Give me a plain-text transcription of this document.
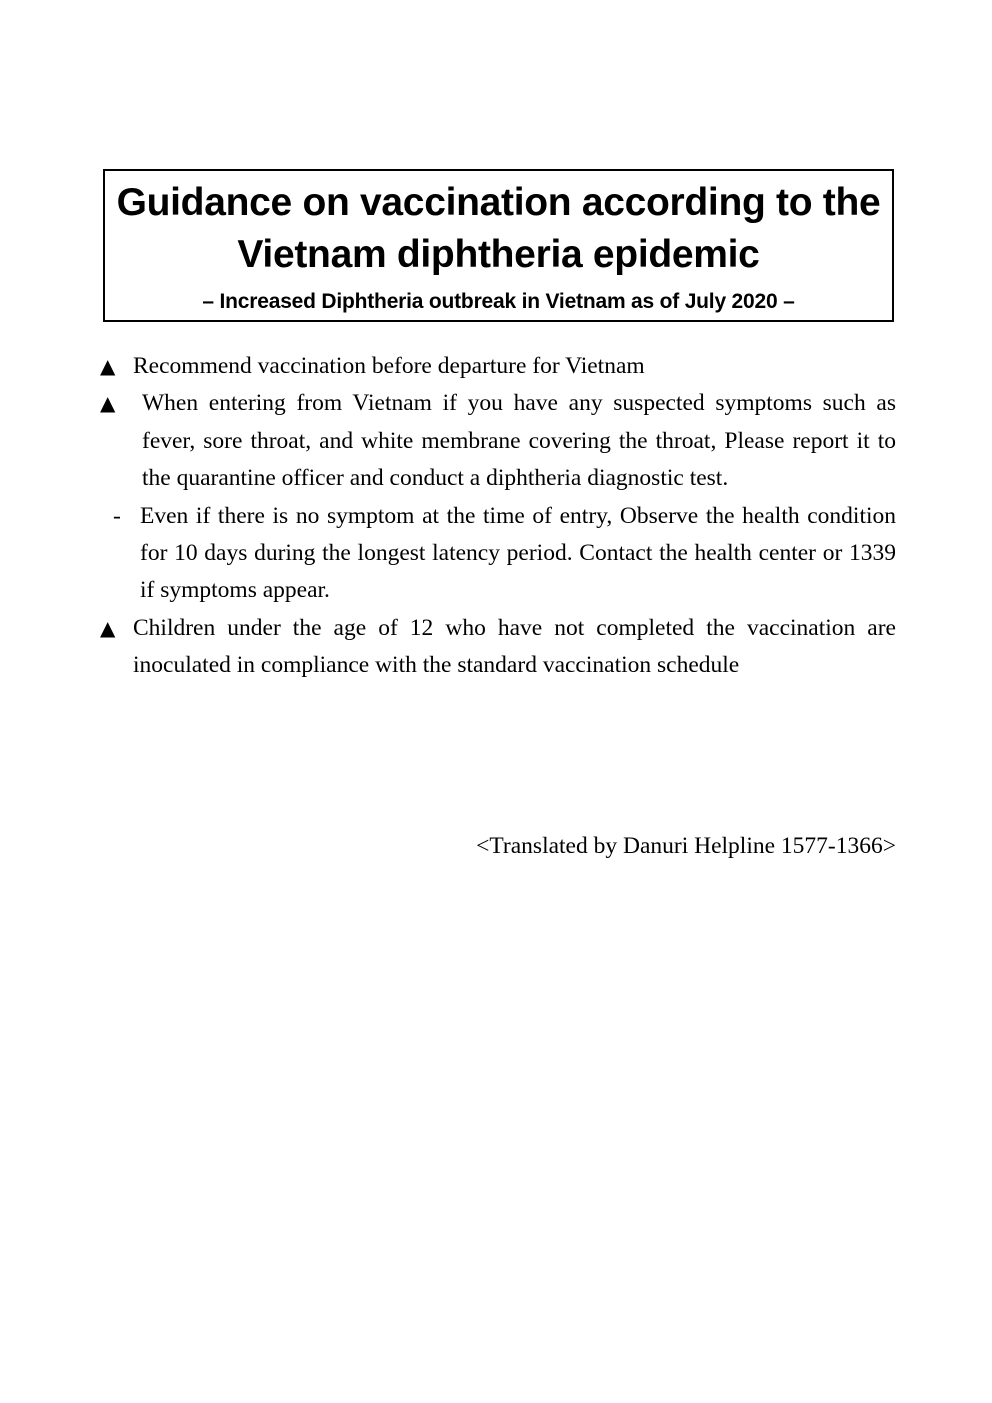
Guidance on vaccination according to the
Vietnam diphtheria epidemic
– Increased Diphtheria outbreak in Vietnam as of July 2020 –
▲ Recommend vaccination before departure for Vietnam
▲	When entering from Vietnam if you have any suspected symptoms such as fever, sore throat, and white membrane covering the throat, Please report it to the quarantine officer and conduct a diphtheria diagnostic test.
- Even if there is no symptom at the time of entry, Observe the health condition for 10 days during the longest latency period. Contact the health center or 1339 if symptoms appear.
▲ Children under the age of 12 who have not completed the vaccination are inoculated in compliance with the standard vaccination schedule
<Translated by Danuri Helpline 1577-1366>
